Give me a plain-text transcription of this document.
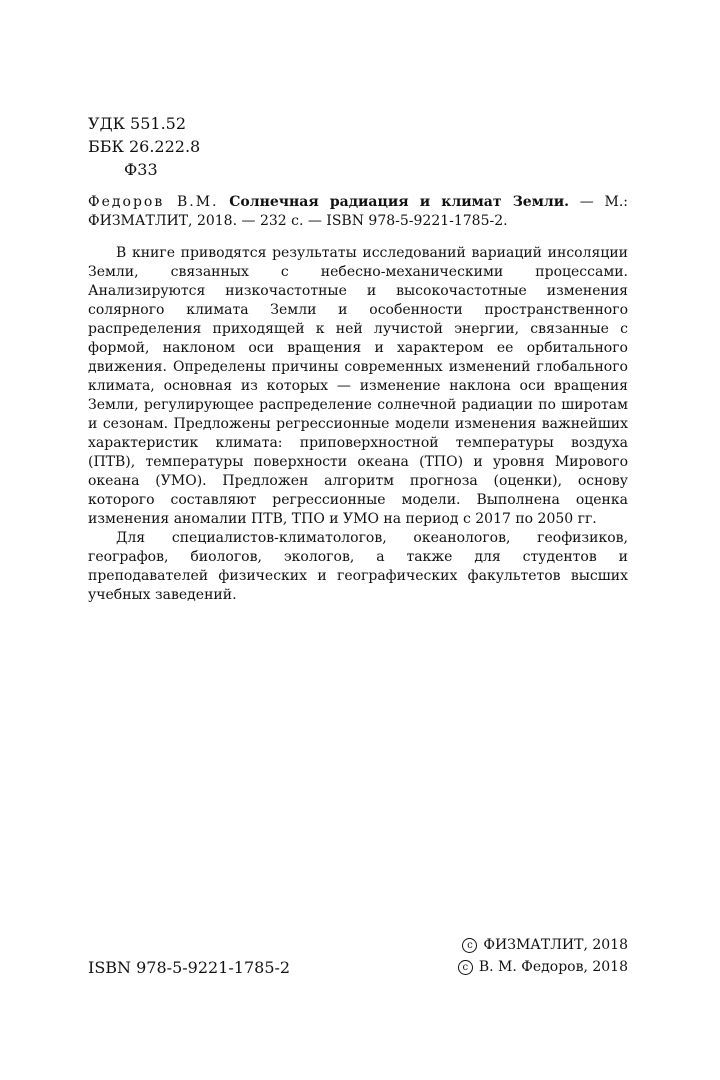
УДК 551.52
ББК 26.222.8
Ф33
Федоров В.М. Солнечная радиация и климат Земли. — М.: ФИЗМАТЛИТ, 2018. — 232 с. — ISBN 978-5-9221-1785-2.

В книге приводятся результаты исследований вариаций инсоляции Земли, связанных с небесно-механическими процессами. Анализируются низкочастотные и высокочастотные изменения солярного климата Земли и особенности пространственного распределения приходящей к ней лучистой энергии, связанные с формой, наклоном оси вращения и характером ее орбитального движения. Определены причины современных изменений глобального климата, основная из которых — изменение наклона оси вращения Земли, регулирующее распределение солнечной радиации по широтам и сезонам. Предложены регрессионные модели изменения важнейших характеристик климата: приповерхностной температуры воздуха (ПТВ), температуры поверхности океана (ТПО) и уровня Мирового океана (УМО). Предложен алгоритм прогноза (оценки), основу которого составляют регрессионные модели. Выполнена оценка изменения аномалии ПТВ, ТПО и УМО на период с 2017 по 2050 гг.

Для специалистов-климатологов, океанологов, геофизиков, географов, биологов, экологов, а также для студентов и преподавателей физических и географических факультетов высших учебных заведений.

ISBN 978-5-9221-1785-2
c ФИЗМАТЛИТ, 2018
c В. М. Федоров, 2018
